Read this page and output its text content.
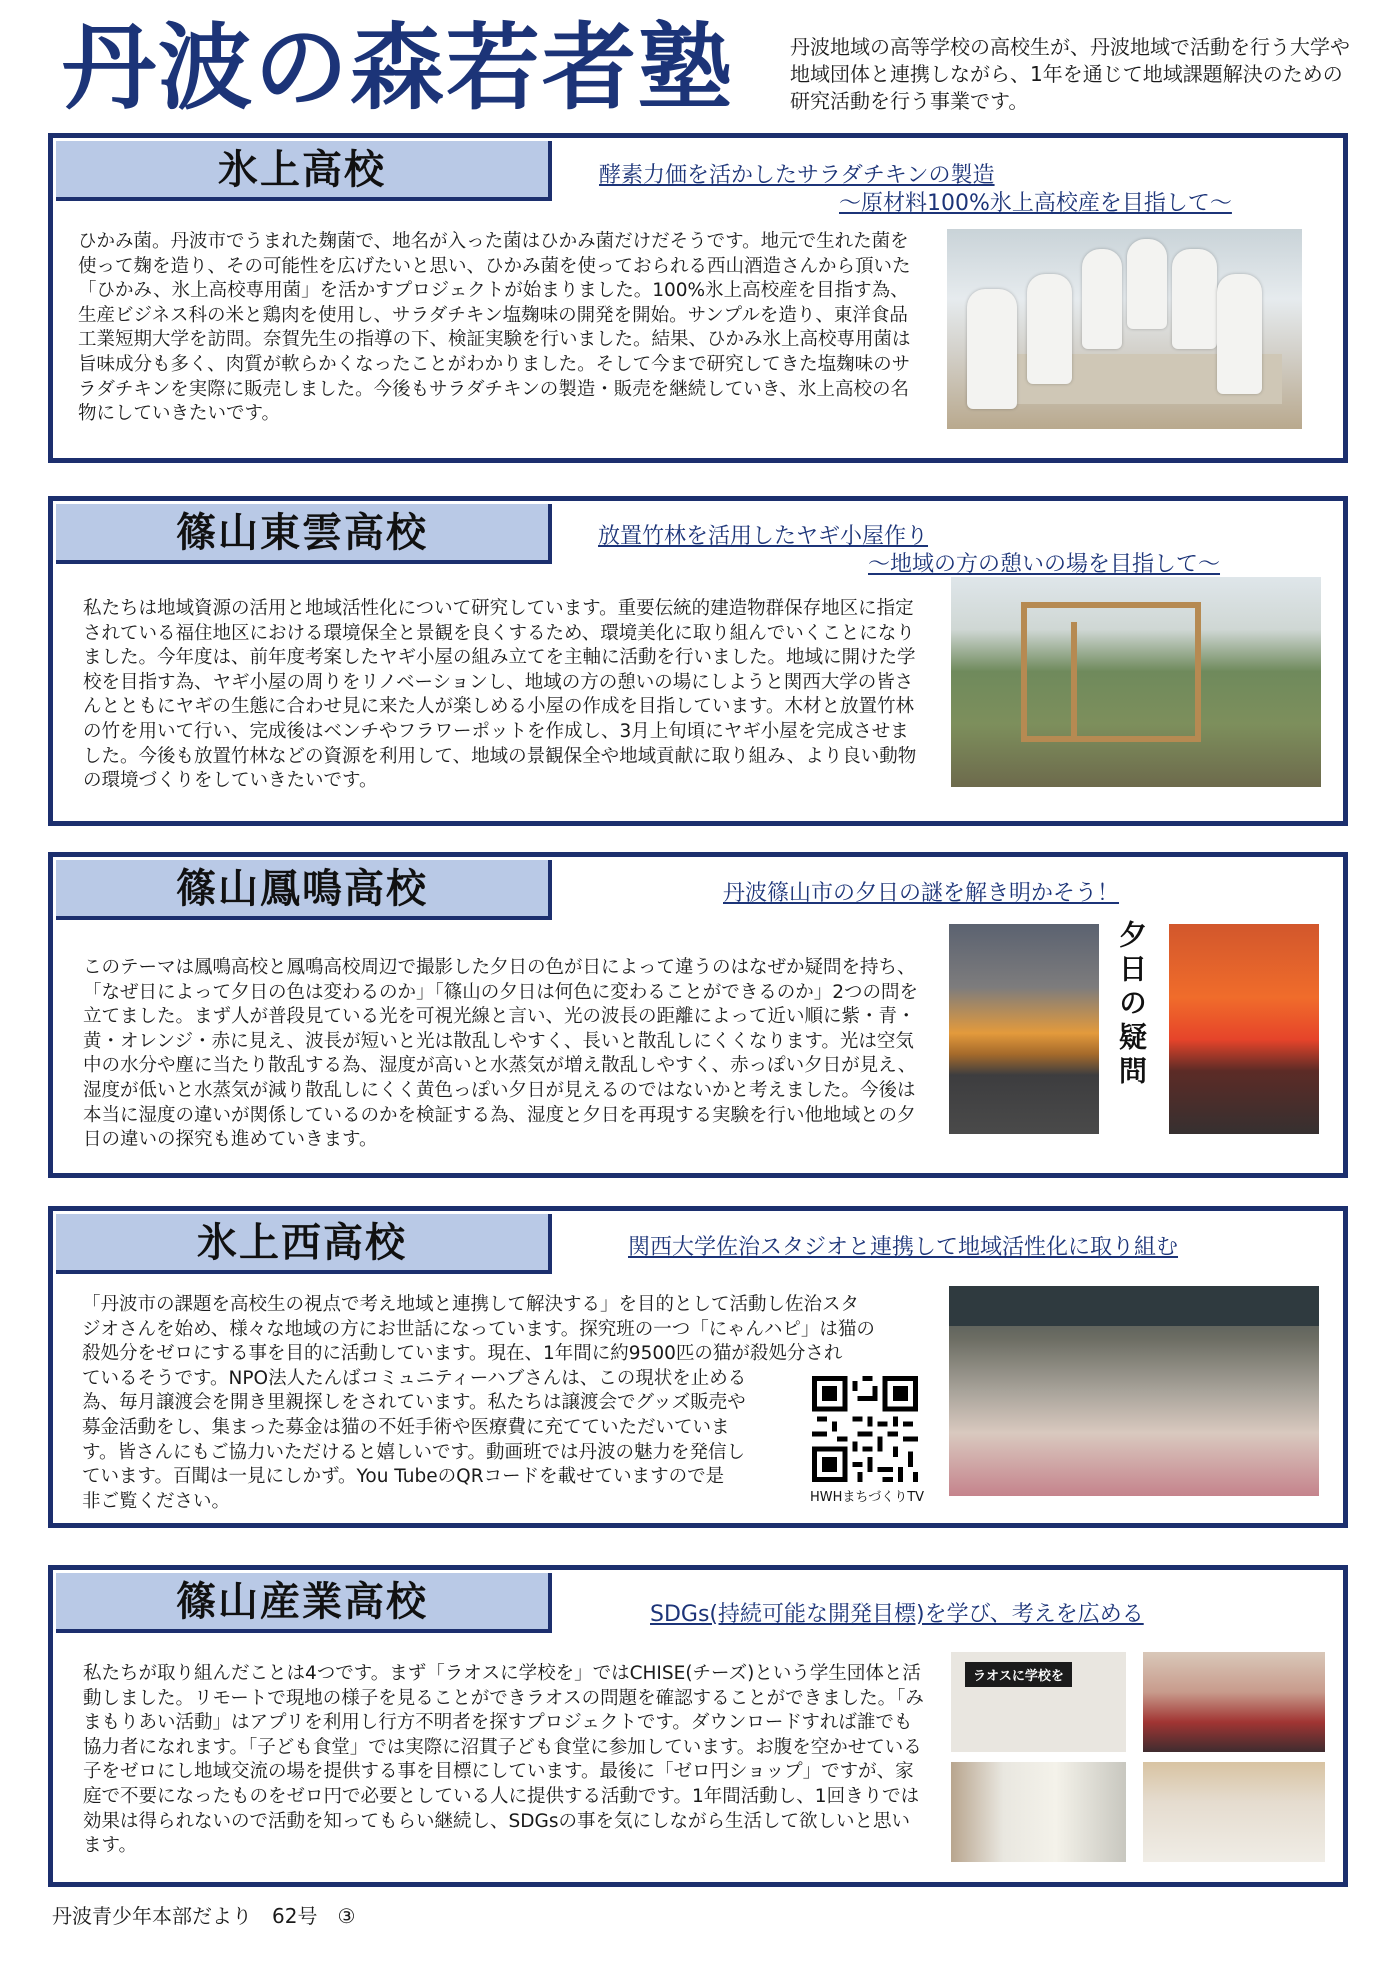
丹波の森若者塾	丹波地域の高等学校の高校生が、丹波地域で活動を行う大学や地域団体と連携しながら、1年を通じて地域課題解決のための研究活動を行う事業です。
氷上高校	酵素力価を活かしたサラダチキンの製造
～原材料100%氷上高校産を目指して～
ひかみ菌。丹波市でうまれた麹菌で、地名が入った菌はひかみ菌だけだそうです。地元で生れた菌を使って麹を造り、その可能性を広げたいと思い、ひかみ菌を使っておられる西山酒造さんから頂いた「ひかみ、氷上高校専用菌」を活かすプロジェクトが始まりました。100%氷上高校産を目指す為、生産ビジネス科の米と鶏肉を使用し、サラダチキン塩麹味の開発を開始。サンプルを造り、東洋食品工業短期大学を訪問。奈賀先生の指導の下、検証実験を行いました。結果、ひかみ氷上高校専用菌は旨味成分も多く、肉質が軟らかくなったことがわかりました。そして今まで研究してきた塩麹味のサラダチキンを実際に販売しました。今後もサラダチキンの製造・販売を継続していき、氷上高校の名物にしていきたいです。
篠山東雲高校	放置竹林を活用したヤギ小屋作り
～地域の方の憩いの場を目指して～
私たちは地域資源の活用と地域活性化について研究しています。重要伝統的建造物群保存地区に指定されている福住地区における環境保全と景観を良くするため、環境美化に取り組んでいくことになりました。今年度は、前年度考案したヤギ小屋の組み立てを主軸に活動を行いました。地域に開けた学校を目指す為、ヤギ小屋の周りをリノベーションし、地域の方の憩いの場にしようと関西大学の皆さんとともにヤギの生態に合わせ見に来た人が楽しめる小屋の作成を目指しています。木材と放置竹林の竹を用いて行い、完成後はベンチやフラワーポットを作成し、3月上旬頃にヤギ小屋を完成させました。今後も放置竹林などの資源を利用して、地域の景観保全や地域貢献に取り組み、より良い動物の環境づくりをしていきたいです。
篠山鳳鳴高校	丹波篠山市の夕日の謎を解き明かそう！
このテーマは鳳鳴高校と鳳鳴高校周辺で撮影した夕日の色が日によって違うのはなぜか疑問を持ち、「なぜ日によって夕日の色は変わるのか」「篠山の夕日は何色に変わることができるのか」2つの問を立てました。まず人が普段見ている光を可視光線と言い、光の波長の距離によって近い順に紫・青・黄・オレンジ・赤に見え、波長が短いと光は散乱しやすく、長いと散乱しにくくなります。光は空気中の水分や塵に当たり散乱する為、湿度が高いと水蒸気が増え散乱しやすく、赤っぽい夕日が見え、湿度が低いと水蒸気が減り散乱しにくく黄色っぽい夕日が見えるのではないかと考えました。今後は本当に湿度の違いが関係しているのかを検証する為、湿度と夕日を再現する実験を行い他地域との夕日の違いの探究も進めていきます。
夕日の疑問
氷上西高校	関西大学佐治スタジオと連携して地域活性化に取り組む
「丹波市の課題を高校生の視点で考え地域と連携して解決する」を目的として活動し佐治スタ
ジオさんを始め、様々な地域の方にお世話になっています。探究班の一つ「にゃんハピ」は猫の
殺処分をゼロにする事を目的に活動しています。現在、1年間に約9500匹の猫が殺処分され
ているそうです。NPO法人たんばコミュニティーハブさんは、この現状を止める
為、毎月譲渡会を開き里親探しをされています。私たちは譲渡会でグッズ販売や
募金活動をし、集まった募金は猫の不妊手術や医療費に充てていただいていま
す。皆さんにもご協力いただけると嬉しいです。動画班では丹波の魅力を発信し
ています。百聞は一見にしかず。You TubeのQRコードを載せていますので是
非ご覧ください。	HWHまちづくりTV
篠山産業高校	SDGs(持続可能な開発目標)を学び、考えを広める
私たちが取り組んだことは4つです。まず「ラオスに学校を」ではCHISE(チーズ)という学生団体と活動しました。リモートで現地の様子を見ることができラオスの問題を確認することができました。「みまもりあい活動」はアプリを利用し行方不明者を探すプロジェクトです。ダウンロードすれば誰でも協力者になれます。「子ども食堂」では実際に沼貫子ども食堂に参加しています。お腹を空かせている子をゼロにし地域交流の場を提供する事を目標にしています。最後に「ゼロ円ショップ」ですが、家庭で不要になったものをゼロ円で必要としている人に提供する活動です。1年間活動し、1回きりでは効果は得られないので活動を知ってもらい継続し、SDGsの事を気にしながら生活して欲しいと思います。
ラオスに学校を
丹波青少年本部だより　62号　③
